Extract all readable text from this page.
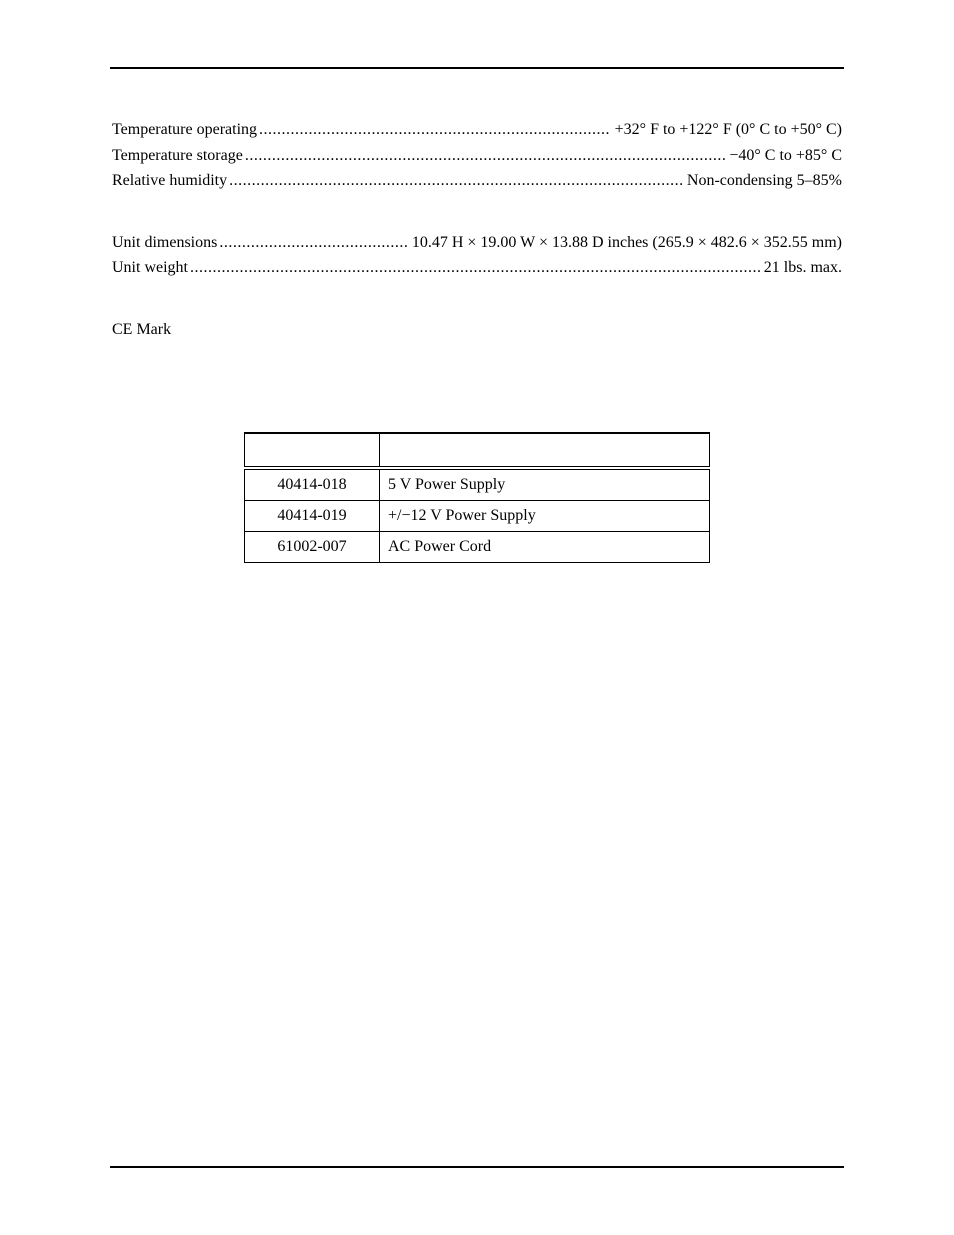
Temperature operating .....	+32° F to +122° F (0° C to +50° C)
Temperature storage .....	−40° C to +85° C
Relative humidity .....	Non-condensing 5–85%
Unit dimensions .....	10.47 H × 19.00 W × 13.88 D inches (265.9 × 482.6 × 352.55 mm)
Unit weight .....	21 lbs. max.
CE Mark

40414-018	5 V Power Supply
40414-019	+/−12 V Power Supply
61002-007	AC Power Cord
